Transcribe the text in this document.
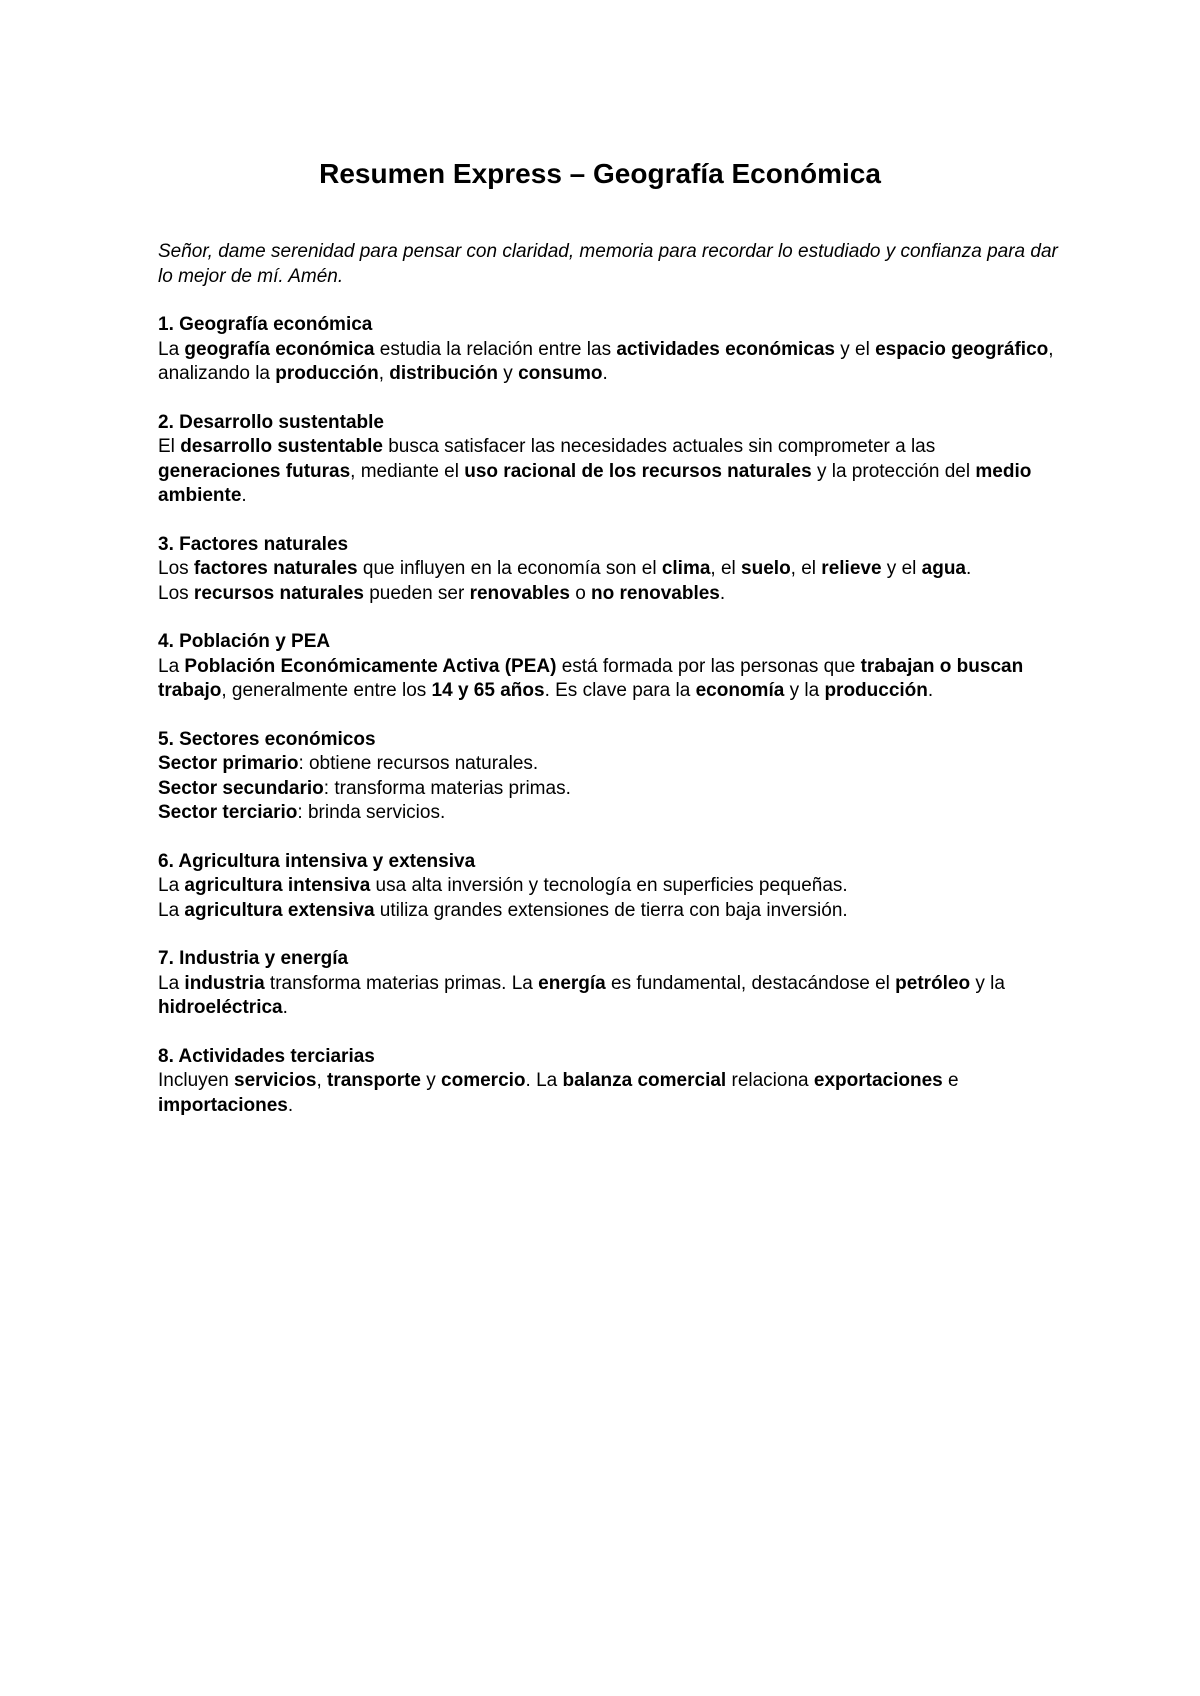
Resumen Express – Geografía Económica

Señor, dame serenidad para pensar con claridad, memoria para recordar lo estudiado y confianza para dar lo mejor de mí. Amén.

1. Geografía económica

La geografía económica estudia la relación entre las actividades económicas y el espacio geográfico, analizando la producción, distribución y consumo.

2. Desarrollo sustentable

El desarrollo sustentable busca satisfacer las necesidades actuales sin comprometer a las generaciones futuras, mediante el uso racional de los recursos naturales y la protección del medio ambiente.

3. Factores naturales

Los factores naturales que influyen en la economía son el clima, el suelo, el relieve y el agua.

Los recursos naturales pueden ser renovables o no renovables.

4. Población y PEA

La Población Económicamente Activa (PEA) está formada por las personas que trabajan o buscan trabajo, generalmente entre los 14 y 65 años. Es clave para la economía y la producción.

5. Sectores económicos

Sector primario: obtiene recursos naturales.

Sector secundario: transforma materias primas.

Sector terciario: brinda servicios.

6. Agricultura intensiva y extensiva

La agricultura intensiva usa alta inversión y tecnología en superficies pequeñas.

La agricultura extensiva utiliza grandes extensiones de tierra con baja inversión.

7. Industria y energía

La industria transforma materias primas. La energía es fundamental, destacándose el petróleo y la hidroeléctrica.

8. Actividades terciarias

Incluyen servicios, transporte y comercio. La balanza comercial relaciona exportaciones e importaciones.
